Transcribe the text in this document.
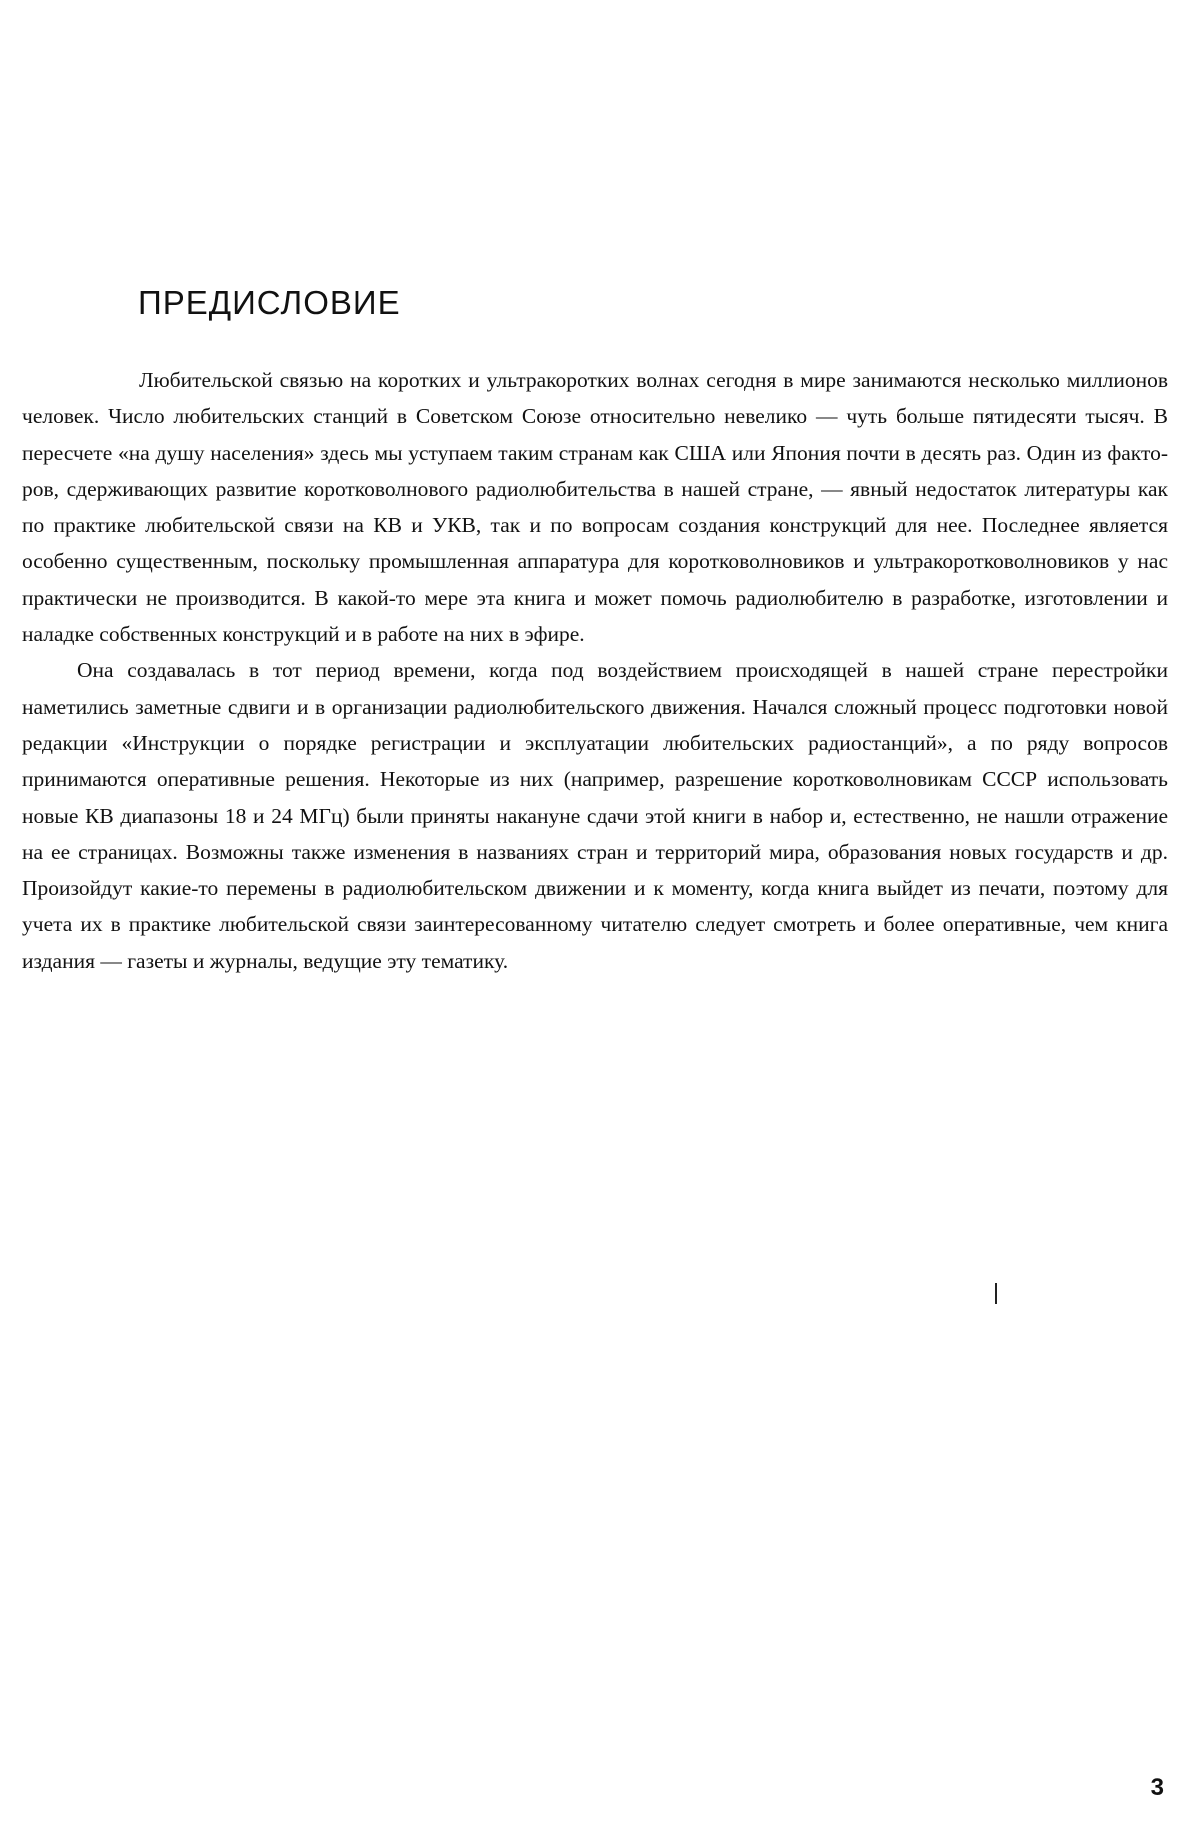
ПРЕДИСЛОВИЕ

Любительской связью на коротких и ультракоротких волнах сегодня в мире занимаются несколько миллионов человек. Число любительских станций в Советском Союзе относительно невелико — чуть больше пятидесяти тысяч. В пересчете «на душу населения» здесь мы уступаем таким странам как США или Япония почти в десять раз. Один из факторов, сдерживающих развитие коротковолнового радиолюбительства в нашей стране, — явный недостаток литературы как по практике любительской связи на КВ и УКВ, так и по вопросам создания конструкций для нее. Последнее является особенно существенным, поскольку промышленная аппаратура для коротковолновиков и ультракоротковолновиков у нас практически не производится. В какой-то мере эта книга и может помочь радиолюбителю в разработке, изготовлении и наладке собственных конструкций и в работе на них в эфире.

Она создавалась в тот период времени, когда под воздействием происходящей в нашей стране перестройки наметились заметные сдвиги и в организации радиолюбительского движения. Начался сложный процесс подготовки новой редакции «Инструкции о порядке регистрации и эксплуатации любительских радиостанций», а по ряду вопросов принимаются оперативные решения. Некоторые из них (например, разрешение коротковолновикам СССР использовать новые КВ диапазоны 18 и 24 МГц) были приняты накануне сдачи этой книги в набор и, естественно, не нашли отражение на ее страницах. Возможны также изменения в названиях стран и территорий мира, образования новых государств и др. Произойдут какие-то перемены в радиолюбительском движении и к моменту, когда книга выйдет из печати, поэтому для учета их в практике любительской связи заинтересованному читателю следует смотреть и более оперативные, чем книга издания — газеты и журналы, ведущие эту тематику.

3
